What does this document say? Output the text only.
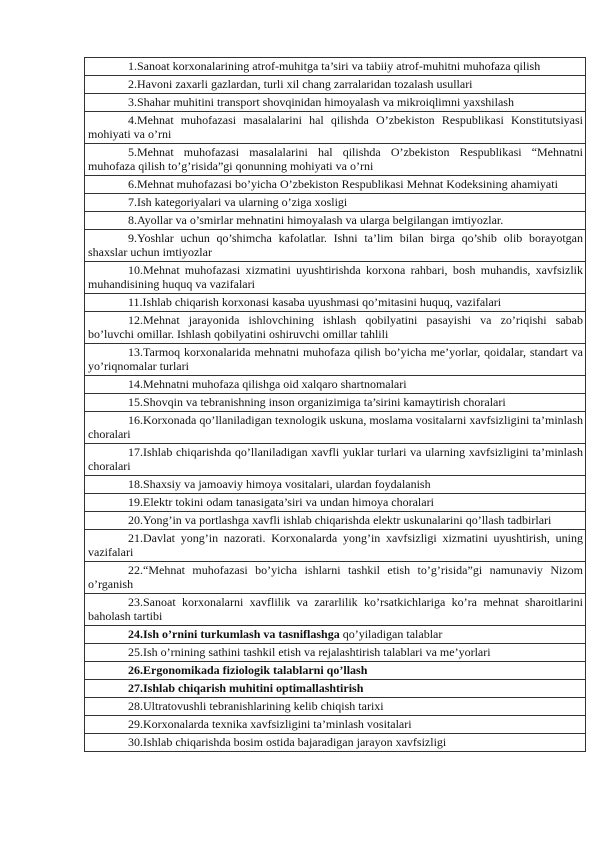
1.Sanoat korxonalarining atrof-muhitga ta’siri va tabiiy atrof-muhitni muhofaza qilish

2.Havoni zaxarli gazlardan, turli xil chang zarralaridan tozalash usullari

3.Shahar muhitini transport shovqinidan himoyalash va mikroiqlimni yaxshilash

4.Mehnat muhofazasi masalalarini hal qilishda O’zbekiston Respublikasi Konstitutsiyasi mohiyati va o’rni

5.Mehnat muhofazasi masalalarini hal qilishda O’zbekiston Respublikasi “Mehnatni muhofaza qilish to’g’risida”gi qonunning mohiyati va o’rni

6.Mehnat muhofazasi bo’yicha O’zbekiston Respublikasi Mehnat Kodeksining ahamiyati

7.Ish kategoriyalari va ularning o’ziga xosligi

8.Ayollar va o’smirlar mehnatini himoyalash va ularga belgilangan imtiyozlar.

9.Yoshlar uchun qo’shimcha kafolatlar. Ishni ta’lim bilan birga qo’shib olib borayotgan shaxslar uchun imtiyozlar

10.Mehnat muhofazasi xizmatini uyushtirishda korxona rahbari, bosh muhandis, xavfsizlik muhandisining huquq va vazifalari

11.Ishlab chiqarish korxonasi kasaba uyushmasi qo’mitasini huquq, vazifalari

12.Mehnat jarayonida ishlovchining ishlash qobilyatini pasayishi va zo’riqishi sabab bo’luvchi omillar. Ishlash qobilyatini oshiruvchi omillar tahlili

13.Tarmoq korxonalarida mehnatni muhofaza qilish bo’yicha me’yorlar, qoidalar, standart va yo’riqnomalar turlari

14.Mehnatni muhofaza qilishga oid xalqaro shartnomalari

15.Shovqin va tebranishning inson organizimiga ta’sirini kamaytirish choralari

16.Korxonada qo’llaniladigan texnologik uskuna, moslama vositalarni xavfsizligini ta’minlash choralari

17.Ishlab chiqarishda qo’llaniladigan xavfli yuklar turlari va ularning xavfsizligini ta’minlash choralari

18.Shaxsiy va jamoaviy himoya vositalari, ulardan foydalanish

19.Elektr tokini odam tanasigata’siri va undan himoya choralari

20.Yong’in va portlashga xavfli ishlab chiqarishda elektr uskunalarini qo’llash tadbirlari

21.Davlat yong’in nazorati. Korxonalarda yong’in xavfsizligi xizmatini uyushtirish, uning vazifalari

22.“Mehnat muhofazasi bo’yicha ishlarni tashkil etish to’g’risida”gi namunaviy Nizom o’rganish

23.Sanoat korxonalarni xavflilik va zararlilik ko’rsatkichlariga ko’ra mehnat sharoitlarini baholash tartibi

24.Ish o’rnini turkumlash va tasniflashga qo’yiladigan talablar

25.Ish o’rnining sathini tashkil etish va rejalashtirish talablari va me’yorlari

26.Ergonomikada fiziologik talablarni qo’llash

27.Ishlab chiqarish muhitini optimallashtirish

28.Ultratovushli tebranishlarining kelib chiqish tarixi

29.Korxonalarda texnika xavfsizligini ta’minlash vositalari

30.Ishlab chiqarishda bosim ostida bajaradigan jarayon xavfsizligi
